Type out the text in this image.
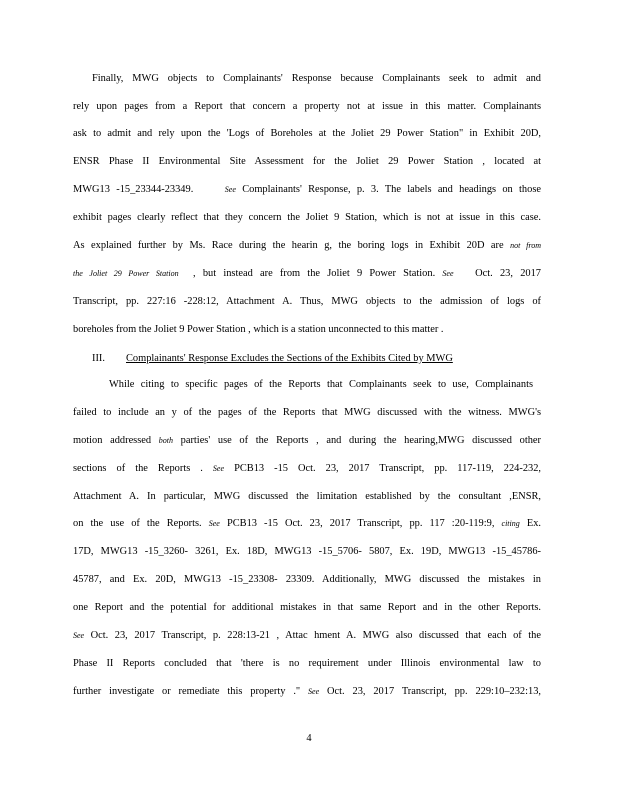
Finally, MWG objects to Complainants' Response because Complainants seek to admit and
rely upon pages from a Report that concern a property not at issue in this matter. Complainants
ask to admit and rely upon the 'Logs of Boreholes at the Joliet 29 Power Station" in Exhibit 20D,
ENSR Phase II Environmental Site Assessment for the Joliet 29 Power Station , located at
MWG13 -15_23344-23349.	See Complainants' Response, p. 3. The labels and headings on those
exhibit pages clearly reflect that they concern the Joliet 9 Station, which is not at issue in this case.
As explained further by Ms. Race during the hearin g, the boring logs in Exhibit 20D are not from
the Joliet 29 Power Station , but instead are from the Joliet 9 Power Station. See Oct. 23, 2017
Transcript, pp. 227:16 -228:12, Attachment A. Thus, MWG objects to the admission of logs of
boreholes from the Joliet 9 Power Station , which is a station unconnected to this matter .
III. Complainants' Response Excludes the Sections of the Exhibits Cited by MWG
While citing to specific pages of the Reports that Complainants seek to use, Complainants
failed to include an y of the pages of the Reports that MWG discussed with the witness. MWG's
motion addressed both parties' use of the Reports , and during the hearing,MWG discussed other
sections of the Reports . See PCB13 -15 Oct. 23, 2017 Transcript, pp. 117-119, 224-232,
Attachment A. In particular, MWG discussed the limitation established by the consultant ,ENSR,
on the use of the Reports. See PCB13 -15 Oct. 23, 2017 Transcript, pp. 117 :20-119:9, citing Ex.
17D, MWG13 -15_3260- 3261, Ex. 18D, MWG13 -15_5706- 5807, Ex. 19D, MWG13 -15_45786-
45787, and Ex. 20D, MWG13 -15_23308- 23309. Additionally, MWG discussed the mistakes in
one Report and the potential for additional mistakes in that same Report and in the other Reports.
See Oct. 23, 2017 Transcript, p. 228:13-21 , Attac hment A. MWG also discussed that each of the
Phase II Reports concluded that 'there is no requirement under Illinois environmental law to
further investigate or remediate this property ." See Oct. 23, 2017 Transcript, pp. 229:10–232:13,
4
